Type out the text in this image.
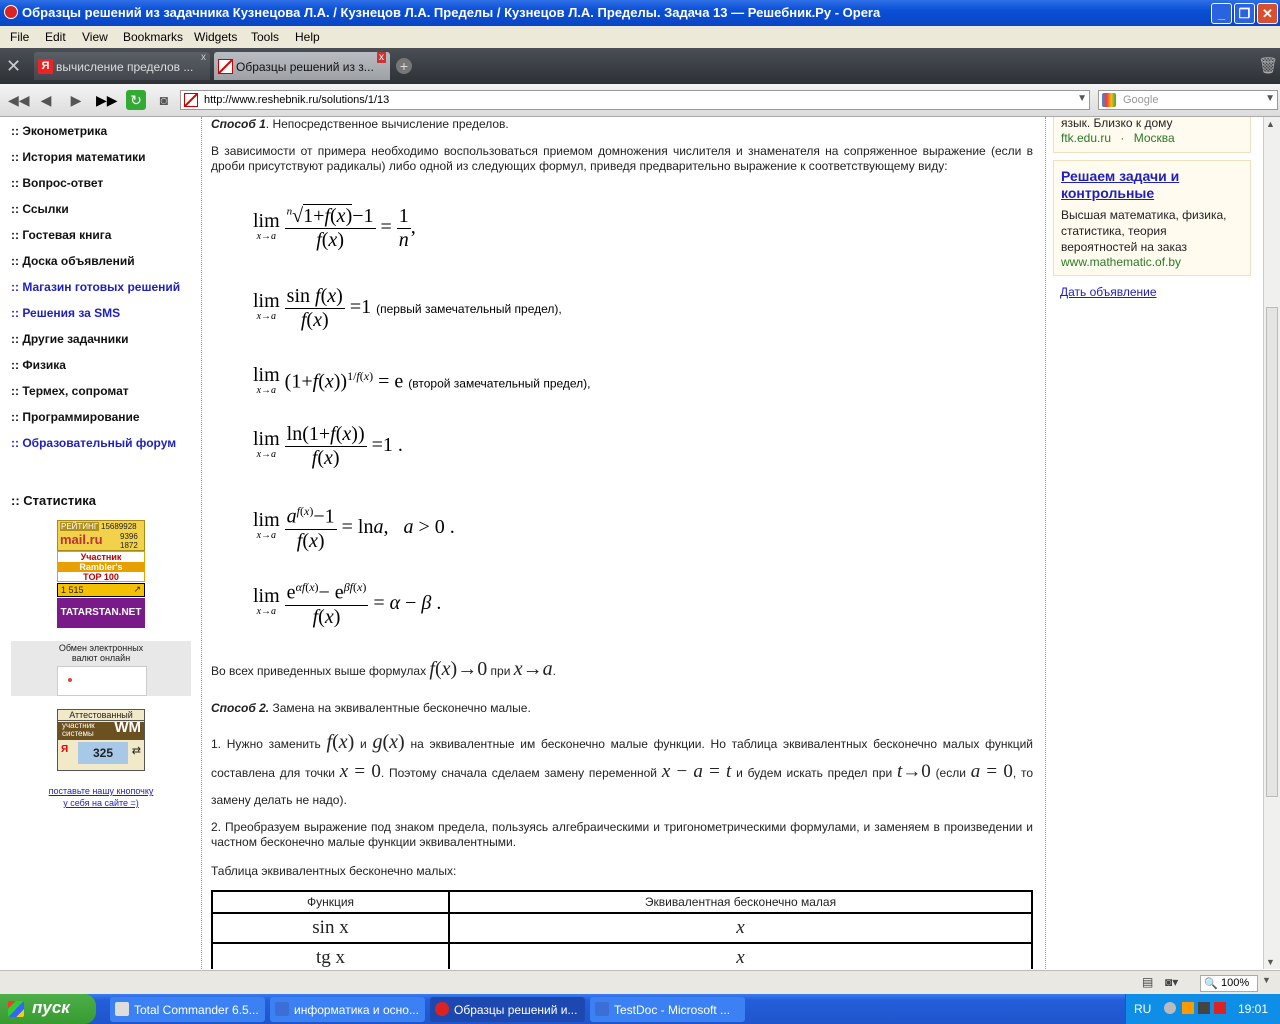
Образцы решений из задачника Кузнецова Л.А. / Кузнецов Л.А. Пределы / Кузнецов Л.А. Пределы. Задача 13 — Решебник.Ру - Opera	_	❐ ✕
File Edit View Bookmarks Widgets Tools Help
✕	Я вычисление пределов ...
x
Образцы решений из з...
x
+	🗑
◀◀ ◀	▶	▶▶ ↻	◙	http://www.reshebnik.ru/solutions/1/13	▼	Google	▼
:: Эконометрика
:: История математики
:: Вопрос-ответ
:: Ссылки
:: Гостевая книга
:: Доска объявлений
:: Магазин готовых решений
:: Решения за SMS
:: Другие задачники
:: Физика
:: Термех, сопромат
:: Программирование
:: Образовательный форум
:: Статистика
РЕЙТИНГ 15689928
mail.ru 9396
1872
Участник
Rambler's
TOP 100
1 515	↗
TATARSTAN.NET
Обмен электронных
валют онлайн
Аттестованный
участник
системы	WM
Я	325	⇄
поставьте нашу кнопочку
у себя на сайте =)
Способ 1. Непосредственное вычисление пределов.
В зависимости от примера необходимо воспользоваться приемом домножения числителя и знаменателя на сопряженное выражение (если в дроби присутствуют радикалы) либо одной из следующих формул, приведя предварительно выражение к соответствующему виду:
lim
x→a
$\frac{^n√1+f(x)-1}{f(x)} = \frac{1}{n}$ ,
lim
x→a
$\frac{\text{sin f(x)}}{f(x)} =1$ (первый замечательный предел),
lim
x→a $(1+f(x))^{1/f(x)} = e$ (второй замечательный предел),
lim
x→a
$\frac{\ln(1+f(x))}{f(x)} =1$ .
lim
x→a
$\frac{a^{f(x)}-1}{f(x)} = \ln a$,   a > 0 .
lim
x→a
$\frac{e^{\alpha f(x)}- e^{\beta f(x)}}{f(x)} = \alpha - \beta$ .
Во всех приведенных выше формулах f(x)→0 при x→a.
Способ 2. Замена на эквивалентные бесконечно малые.
1. Нужно заменить f(x) и g(x) на эквивалентные им бесконечно малые функции. Но таблица эквивалентных бесконечно малых функций составлена для точки x = 0. Поэтому сначала сделаем замену переменной x − a = t и будем искать предел при t→0 (если a = 0, то замену делать не надо).
2. Преобразуем выражение под знаком предела, пользуясь алгебраическими и тригонометрическими формулами, и заменяем в произведении и частном бесконечно малые функции эквивалентными.
Таблица эквивалентных бесконечно малых:
Функция	Эквивалентная бесконечно малая
sin x	x
tg x	x
язык. Близко к дому
ftk.edu.ru · Москва
Решаем задачи и контрольные
Высшая математика, физика, статистика, теория вероятностей на заказ
www.mathematic.of.by
Дать объявление
▲
▼
▤ ◙▾ 🔍 100% ▼
пуск	Total Commander 6.5...	информатика и осно...	Образцы решений и...	TestDoc - Microsoft ...	RU	19:01
